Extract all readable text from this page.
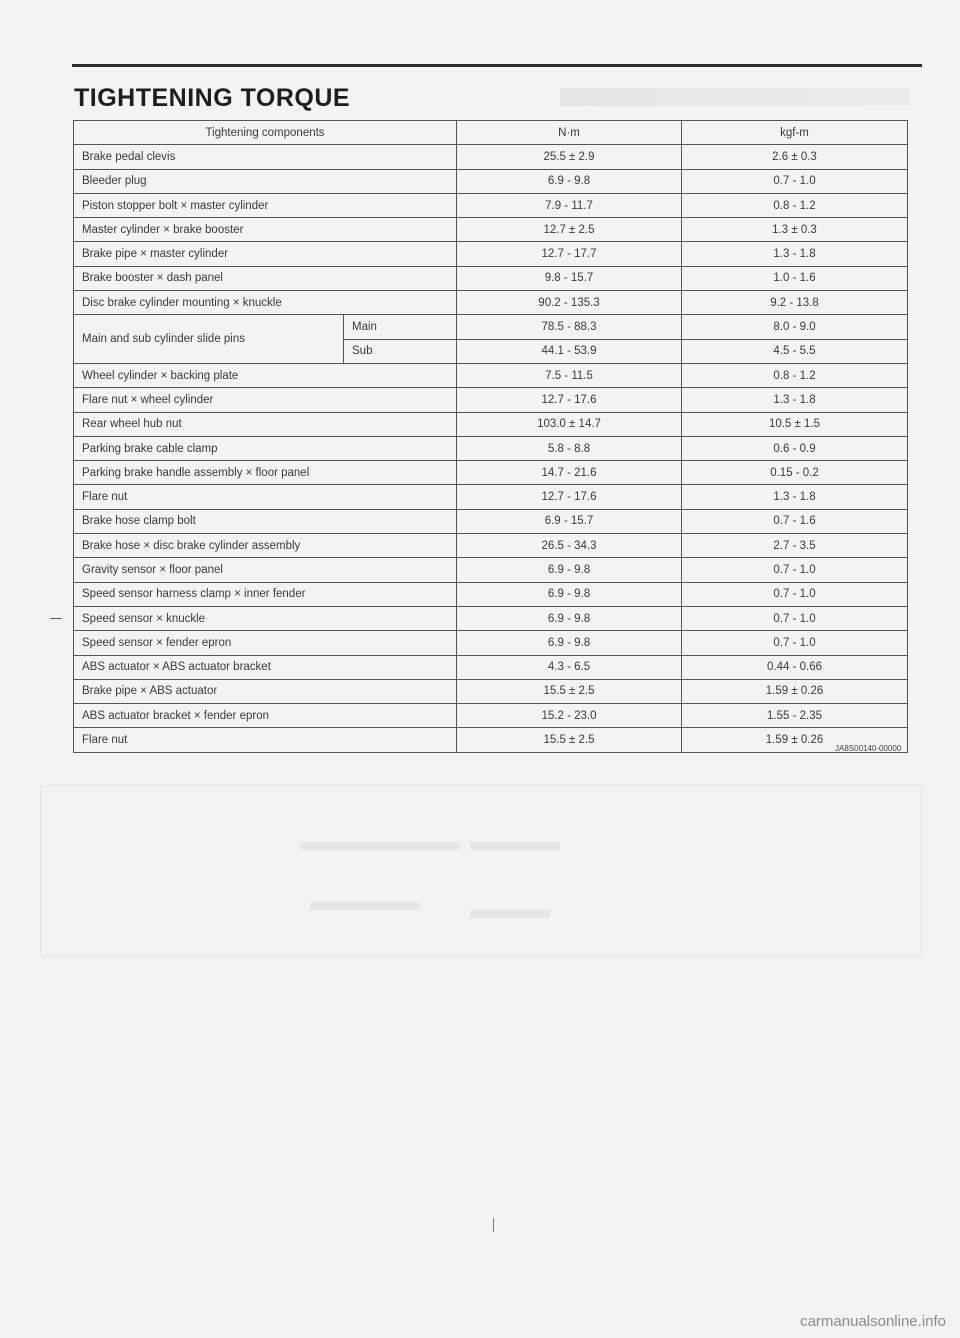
TIGHTENING TORQUE
Tightening components		N·m	kgf-m
Brake pedal clevis		25.5 ± 2.9	2.6 ± 0.3
Bleeder plug		6.9 - 9.8	0.7 - 1.0
Piston stopper bolt × master cylinder		7.9 - 11.7	0.8 - 1.2
Master cylinder × brake booster		12.7 ± 2.5	1.3 ± 0.3
Brake pipe × master cylinder		12.7 - 17.7	1.3 - 1.8
Brake booster × dash panel		9.8 - 15.7	1.0 - 1.6
Disc brake cylinder mounting × knuckle		90.2 - 135.3	9.2 - 13.8
Main and sub cylinder slide pins	Main	78.5 - 88.3	8.0 - 9.0
	Sub	44.1 - 53.9	4.5 - 5.5
Wheel cylinder × backing plate		7.5 - 11.5	0.8 - 1.2
Flare nut × wheel cylinder		12.7 - 17.6	1.3 - 1.8
Rear wheel hub nut		103.0 ± 14.7	10.5 ± 1.5
Parking brake cable clamp		5.8 - 8.8	0.6 - 0.9
Parking brake handle assembly × floor panel		14.7 - 21.6	0.15 - 0.2
Flare nut		12.7 - 17.6	1.3 - 1.8
Brake hose clamp bolt		6.9 - 15.7	0.7 - 1.6
Brake hose × disc brake cylinder assembly		26.5 - 34.3	2.7 - 3.5
Gravity sensor × floor panel		6.9 - 9.8	0.7 - 1.0
Speed sensor harness clamp × inner fender		6.9 - 9.8	0.7 - 1.0
Speed sensor × knuckle		6.9 - 9.8	0.7 - 1.0
Speed sensor × fender epron		6.9 - 9.8	0.7 - 1.0
ABS actuator × ABS actuator bracket		4.3 - 6.5	0.44 - 0.66
Brake pipe × ABS actuator		15.5 ± 2.5	1.59 ± 0.26
ABS actuator bracket × fender epron		15.2 - 23.0	1.55 - 2.35
Flare nut		15.5 ± 2.5	1.59 ± 0.26
JA8S00140-00000
carmanualsonline.info
